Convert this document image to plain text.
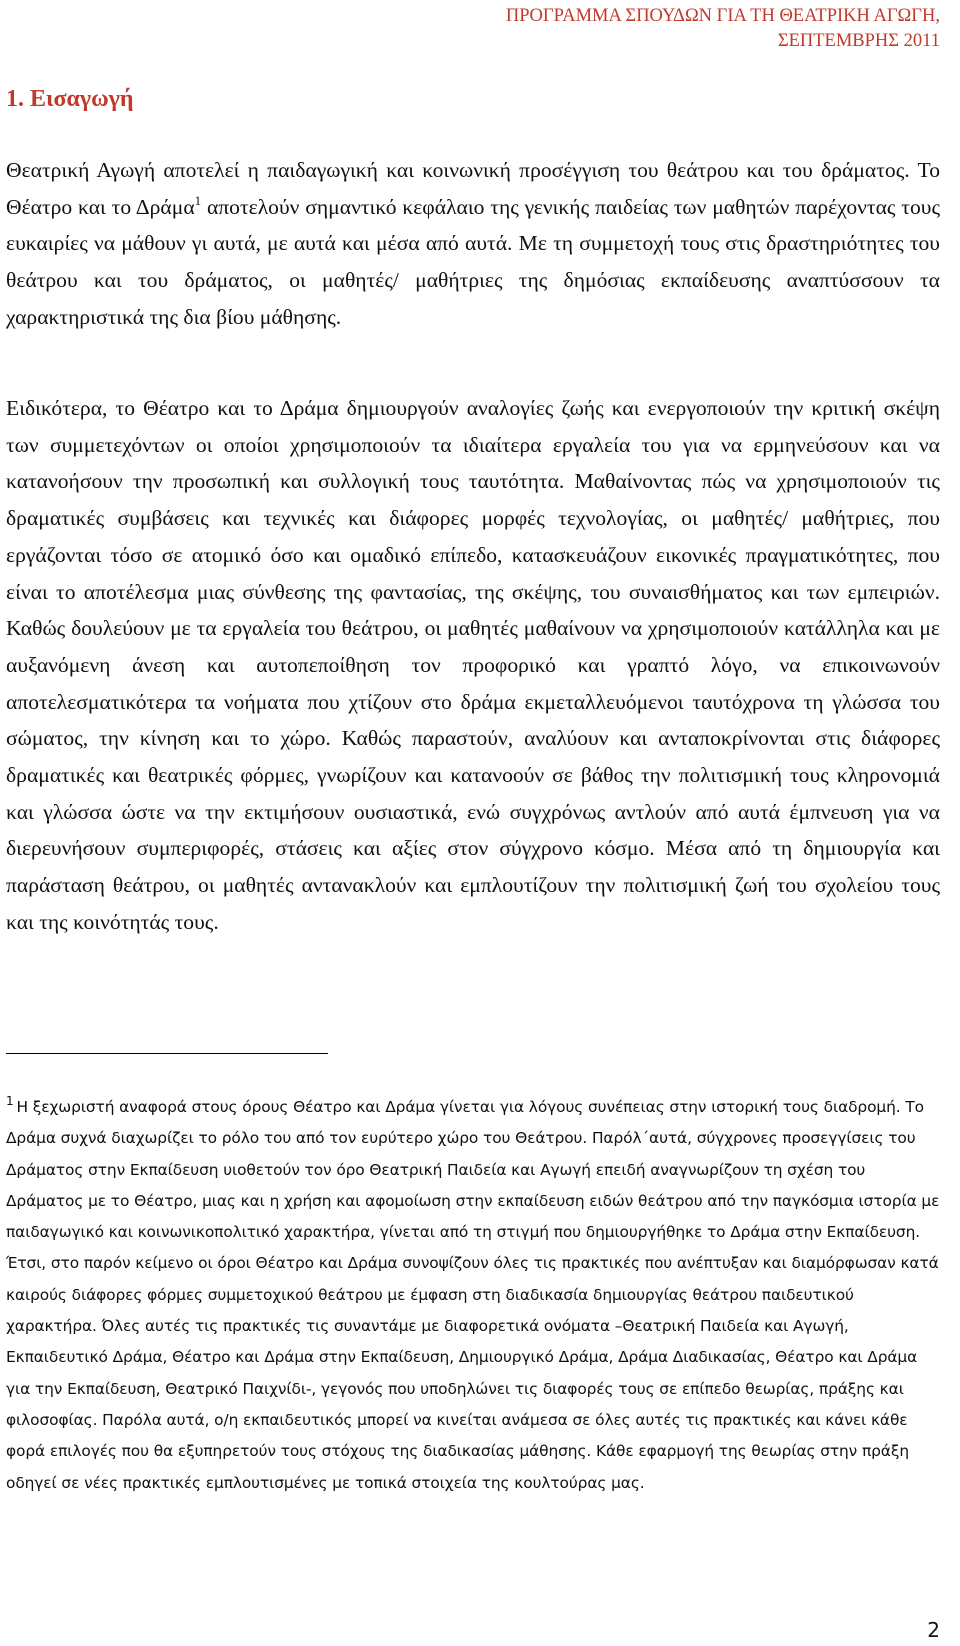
ΠΡΟΓΡΑΜΜΑ ΣΠΟΥΔΩΝ ΓΙΑ ΤΗ ΘΕΑΤΡΙΚΗ ΑΓΩΓΗ,
ΣΕΠΤΕΜΒΡΗΣ 2011
1. Εισαγωγή

Θεατρική Αγωγή αποτελεί η παιδαγωγική και κοινωνική προσέγγιση του θεάτρου και του δράματος. Το Θέατρο και το Δράμα$^1$ αποτελούν σημαντικό κεφάλαιο της γενικής παιδείας των μαθητών παρέχοντας τους ευκαιρίες να μάθουν γι αυτά, με αυτά και μέσα από αυτά. Με τη συμμετοχή τους στις δραστηριότητες του θεάτρου και του δράματος, οι μαθητές/ μαθήτριες της δημόσιας εκπαίδευσης αναπτύσσουν τα χαρακτηριστικά της δια βίου μάθησης.

Ειδικότερα, το Θέατρο και το Δράμα δημιουργούν αναλογίες ζωής και ενεργοποιούν την κριτική σκέψη των συμμετεχόντων οι οποίοι χρησιμοποιούν τα ιδιαίτερα εργαλεία του για να ερμηνεύσουν και να κατανοήσουν την προσωπική και συλλογική τους ταυτότητα. Μαθαίνοντας πώς να χρησιμοποιούν τις δραματικές συμβάσεις και τεχνικές και διάφορες μορφές τεχνολογίας, οι μαθητές/ μαθήτριες, που εργάζονται τόσο σε ατομικό όσο και ομαδικό επίπεδο, κατασκευάζουν εικονικές πραγματικότητες, που είναι το αποτέλεσμα μιας σύνθεσης της φαντασίας, της σκέψης, του συναισθήματος και των εμπειριών. Καθώς δουλεύουν με τα εργαλεία του θεάτρου, οι μαθητές μαθαίνουν να χρησιμοποιούν κατάλληλα και με αυξανόμενη άνεση και αυτοπεποίθηση τον προφορικό και γραπτό λόγο, να επικοινωνούν αποτελεσματικότερα τα νοήματα που χτίζουν στο δράμα εκμεταλλευόμενοι ταυτόχρονα τη γλώσσα του σώματος, την κίνηση και το χώρο. Καθώς παραστούν, αναλύουν και ανταποκρίνονται στις διάφορες δραματικές και θεατρικές φόρμες, γνωρίζουν και κατανοούν σε βάθος την πολιτισμική τους κληρονομιά και γλώσσα ώστε να την εκτιμήσουν ουσιαστικά, ενώ συγχρόνως αντλούν από αυτά έμπνευση για να διερευνήσουν συμπεριφορές, στάσεις και αξίες στον σύγχρονο κόσμο. Μέσα από τη δημιουργία και παράσταση θεάτρου, οι μαθητές αντανακλούν και εμπλουτίζουν την πολιτισμική ζωή του σχολείου τους και της κοινότητάς τους.

$^1$ Η ξεχωριστή αναφορά στους όρους Θέατρο και Δράμα γίνεται για λόγους συνέπειας στην ιστορική τους διαδρομή. Το Δράμα συχνά διαχωρίζει το ρόλο του από τον ευρύτερο χώρο του Θεάτρου. Παρόλ΄αυτά, σύγχρονες προσεγγίσεις του Δράματος στην Εκπαίδευση υιοθετούν τον όρο Θεατρική Παιδεία και Αγωγή επειδή αναγνωρίζουν τη σχέση του Δράματος με το Θέατρο, μιας και η χρήση και αφομοίωση στην εκπαίδευση ειδών θεάτρου από την παγκόσμια ιστορία με παιδαγωγικό και κοινωνικοπολιτικό χαρακτήρα, γίνεται από τη στιγμή που δημιουργήθηκε το Δράμα στην Εκπαίδευση. Έτσι, στο παρόν κείμενο οι όροι Θέατρο και Δράμα συνοψίζουν όλες τις πρακτικές που ανέπτυξαν και διαμόρφωσαν κατά καιρούς διάφορες φόρμες συμμετοχικού θεάτρου με έμφαση στη διαδικασία δημιουργίας θεάτρου παιδευτικού χαρακτήρα. Όλες αυτές τις πρακτικές τις συναντάμε με διαφορετικά ονόματα –Θεατρική Παιδεία και Αγωγή, Εκπαιδευτικό Δράμα, Θέατρο και Δράμα στην Εκπαίδευση, Δημιουργικό Δράμα, Δράμα Διαδικασίας, Θέατρο και Δράμα για την Εκπαίδευση, Θεατρικό Παιχνίδι-, γεγονός που υποδηλώνει τις διαφορές τους σε επίπεδο θεωρίας, πράξης και φιλοσοφίας. Παρόλα αυτά, ο/η εκπαιδευτικός μπορεί να κινείται ανάμεσα σε όλες αυτές τις πρακτικές και κάνει κάθε φορά επιλογές που θα εξυπηρετούν τους στόχους της διαδικασίας μάθησης. Κάθε εφαρμογή της θεωρίας στην πράξη οδηγεί σε νέες πρακτικές εμπλουτισμένες με τοπικά στοιχεία της κουλτούρας μας.

2
